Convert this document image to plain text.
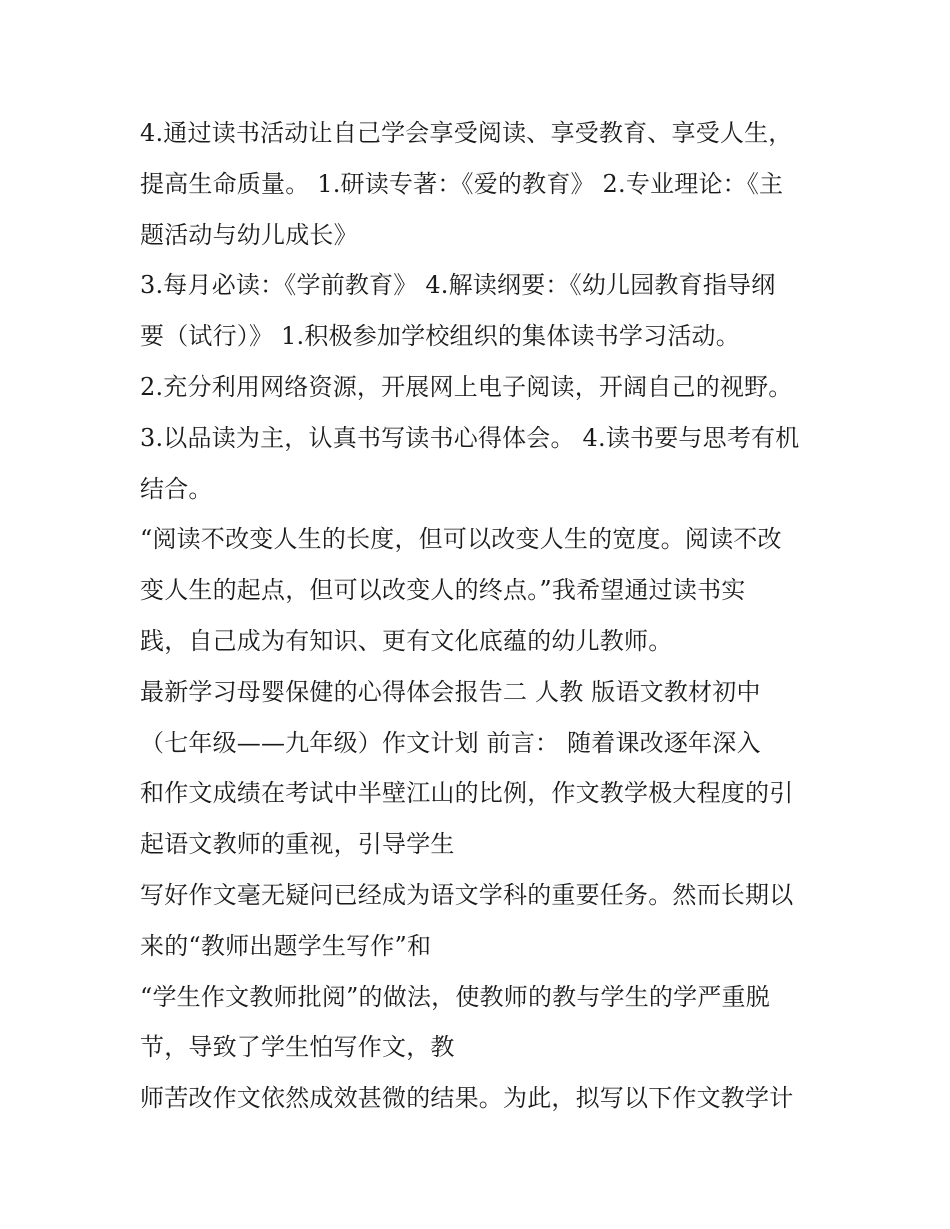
4.通过读书活动让自己学会享受阅读、享受教育、享受人生，
提高生命质量。 1.研读专著：《爱的教育》 2.专业理论：《主
题活动与幼儿成长》
3.每月必读：《学前教育》 4.解读纲要：《幼儿园教育指导纲
要（试行）》 1.积极参加学校组织的集体读书学习活动。
2.充分利用网络资源，开展网上电子阅读，开阔自己的视野。
3.以品读为主，认真书写读书心得体会。 4.读书要与思考有机
结合。
“阅读不改变人生的长度，但可以改变人生的宽度。阅读不改
变人生的起点，但可以改变人的终点。”我希望通过读书实
践，自己成为有知识、更有文化底蕴的幼儿教师。
最新学习母婴保健的心得体会报告二 人教 版语文教材初中
（七年级——九年级）作文计划 前言： 随着课改逐年深入
和作文成绩在考试中半壁江山的比例，作文教学极大程度的引
起语文教师的重视，引导学生
写好作文毫无疑问已经成为语文学科的重要任务。然而长期以
来的“教师出题学生写作”和
“学生作文教师批阅”的做法，使教师的教与学生的学严重脱
节，导致了学生怕写作文，教
师苦改作文依然成效甚微的结果。为此，拟写以下作文教学计
